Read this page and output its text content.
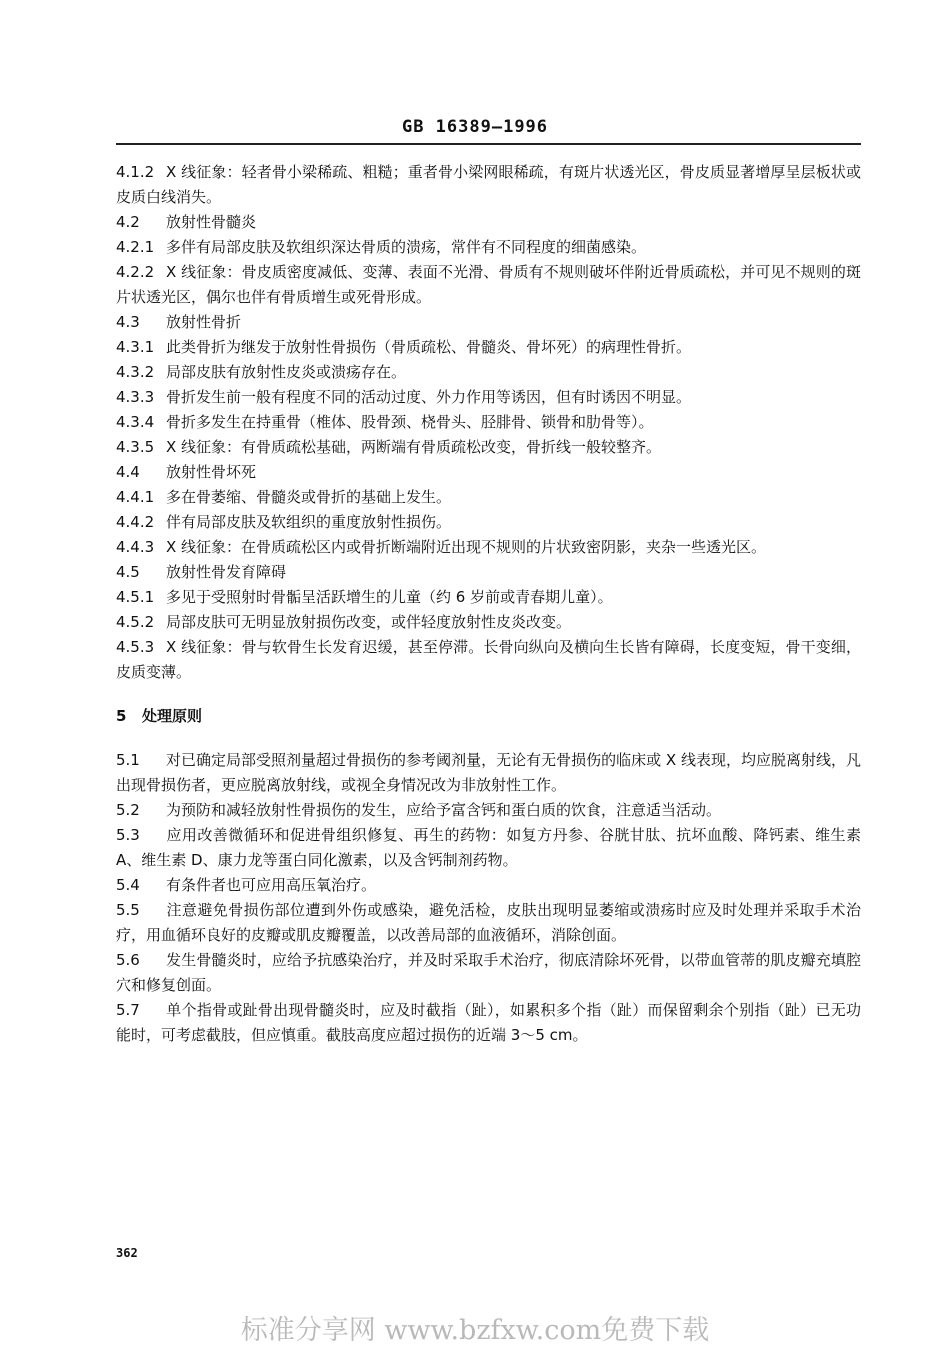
GB 16389—1996

4.1.2 X 线征象：轻者骨小梁稀疏、粗糙；重者骨小梁网眼稀疏，有斑片状透光区，骨皮质显著增厚呈层板状或皮质白线消失。

4.2 放射性骨髓炎

4.2.1 多伴有局部皮肤及软组织深达骨质的溃疡，常伴有不同程度的细菌感染。

4.2.2 X 线征象：骨皮质密度减低、变薄、表面不光滑、骨质有不规则破坏伴附近骨质疏松，并可见不规则的斑片状透光区，偶尔也伴有骨质增生或死骨形成。

4.3 放射性骨折

4.3.1 此类骨折为继发于放射性骨损伤（骨质疏松、骨髓炎、骨坏死）的病理性骨折。

4.3.2 局部皮肤有放射性皮炎或溃疡存在。

4.3.3 骨折发生前一般有程度不同的活动过度、外力作用等诱因，但有时诱因不明显。

4.3.4 骨折多发生在持重骨（椎体、股骨颈、桡骨头、胫腓骨、锁骨和肋骨等）。

4.3.5 X 线征象：有骨质疏松基础，两断端有骨质疏松改变，骨折线一般较整齐。

4.4 放射性骨坏死

4.4.1 多在骨萎缩、骨髓炎或骨折的基础上发生。

4.4.2 伴有局部皮肤及软组织的重度放射性损伤。

4.4.3 X 线征象：在骨质疏松区内或骨折断端附近出现不规则的片状致密阴影，夹杂一些透光区。

4.5 放射性骨发育障碍

4.5.1 多见于受照射时骨骺呈活跃增生的儿童（约 6 岁前或青春期儿童）。

4.5.2 局部皮肤可无明显放射损伤改变，或伴轻度放射性皮炎改变。

4.5.3 X 线征象：骨与软骨生长发育迟缓，甚至停滞。长骨向纵向及横向生长皆有障碍，长度变短，骨干变细，皮质变薄。

5 处理原则

5.1 对已确定局部受照剂量超过骨损伤的参考阈剂量，无论有无骨损伤的临床或 X 线表现，均应脱离射线，凡出现骨损伤者，更应脱离放射线，或视全身情况改为非放射性工作。

5.2 为预防和减轻放射性骨损伤的发生，应给予富含钙和蛋白质的饮食，注意适当活动。

5.3 应用改善微循环和促进骨组织修复、再生的药物：如复方丹参、谷胱甘肽、抗坏血酸、降钙素、维生素 A、维生素 D、康力龙等蛋白同化激素，以及含钙制剂药物。

5.4 有条件者也可应用高压氧治疗。

5.5 注意避免骨损伤部位遭到外伤或感染，避免活检，皮肤出现明显萎缩或溃疡时应及时处理并采取手术治疗，用血循环良好的皮瓣或肌皮瓣覆盖，以改善局部的血液循环，消除创面。

5.6 发生骨髓炎时，应给予抗感染治疗，并及时采取手术治疗，彻底清除坏死骨，以带血管蒂的肌皮瓣充填腔穴和修复创面。

5.7 单个指骨或趾骨出现骨髓炎时，应及时截指（趾），如累积多个指（趾）而保留剩余个别指（趾）已无功能时，可考虑截肢，但应慎重。截肢高度应超过损伤的近端 3～5 cm。

362
标准分享网 www.bzfxw.com免费下载
